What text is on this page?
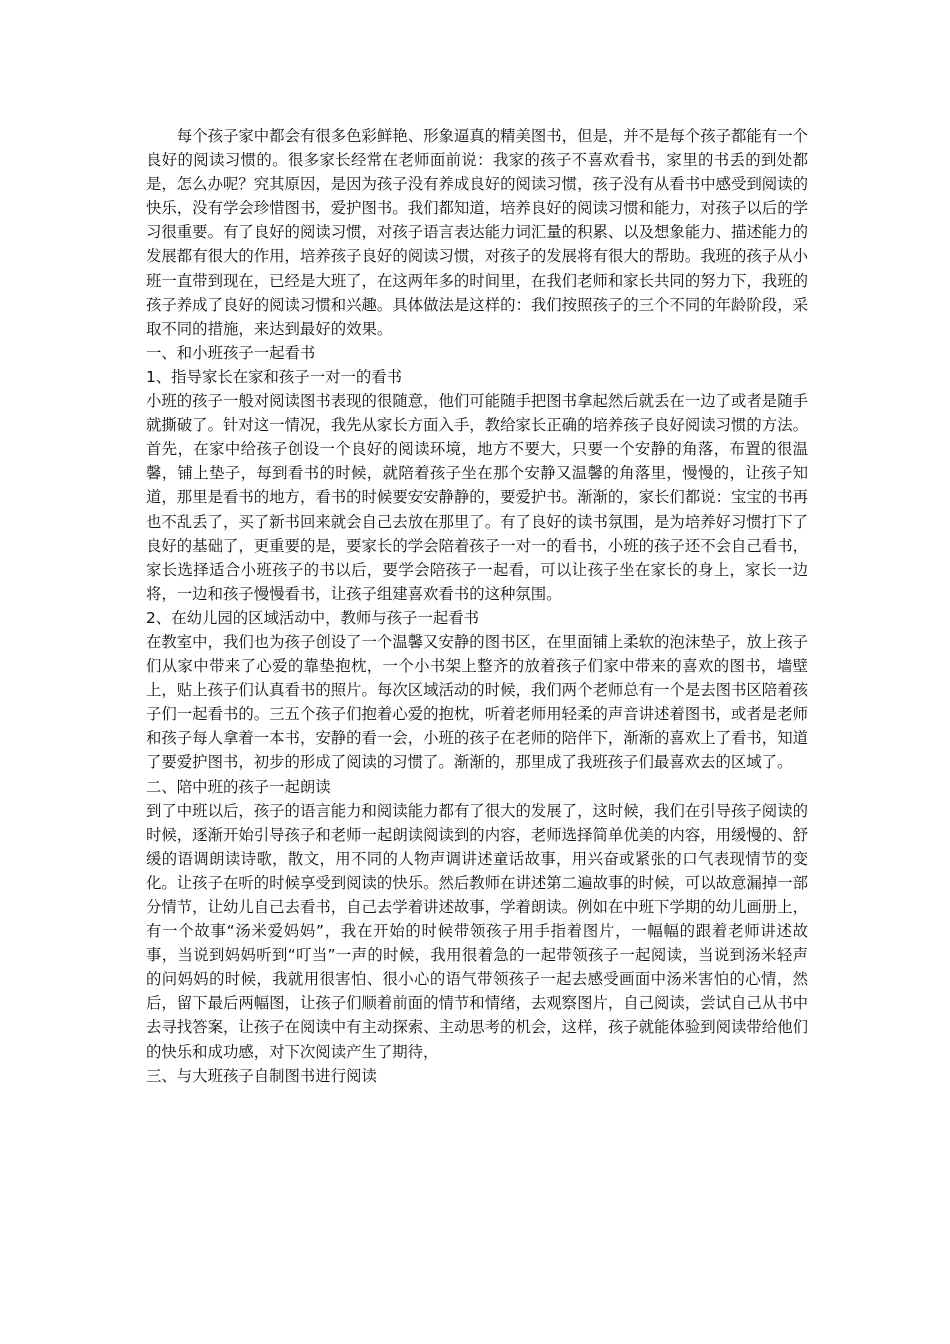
每个孩子家中都会有很多色彩鲜艳、形象逼真的精美图书，但是，并不是每个孩子都能有一个良好的阅读习惯的。很多家长经常在老师面前说：我家的孩子不喜欢看书，家里的书丢的到处都是，怎么办呢？究其原因，是因为孩子没有养成良好的阅读习惯，孩子没有从看书中感受到阅读的快乐，没有学会珍惜图书，爱护图书。我们都知道，培养良好的阅读习惯和能力，对孩子以后的学习很重要。有了良好的阅读习惯，对孩子语言表达能力词汇量的积累、以及想象能力、描述能力的发展都有很大的作用，培养孩子良好的阅读习惯，对孩子的发展将有很大的帮助。我班的孩子从小班一直带到现在，已经是大班了，在这两年多的时间里，在我们老师和家长共同的努力下，我班的孩子养成了良好的阅读习惯和兴趣。具体做法是这样的：我们按照孩子的三个不同的年龄阶段，采取不同的措施，来达到最好的效果。

一、和小班孩子一起看书

1、指导家长在家和孩子一对一的看书

小班的孩子一般对阅读图书表现的很随意，他们可能随手把图书拿起然后就丢在一边了或者是随手就撕破了。针对这一情况，我先从家长方面入手，教给家长正确的培养孩子良好阅读习惯的方法。首先，在家中给孩子创设一个良好的阅读环境，地方不要大，只要一个安静的角落，布置的很温馨，铺上垫子，每到看书的时候，就陪着孩子坐在那个安静又温馨的角落里，慢慢的，让孩子知道，那里是看书的地方，看书的时候要安安静静的，要爱护书。渐渐的，家长们都说：宝宝的书再也不乱丢了，买了新书回来就会自己去放在那里了。有了良好的读书氛围，是为培养好习惯打下了良好的基础了，更重要的是，要家长的学会陪着孩子一对一的看书，小班的孩子还不会自己看书，家长选择适合小班孩子的书以后，要学会陪孩子一起看，可以让孩子坐在家长的身上，家长一边将，一边和孩子慢慢看书，让孩子组建喜欢看书的这种氛围。

2、在幼儿园的区域活动中，教师与孩子一起看书

在教室中，我们也为孩子创设了一个温馨又安静的图书区，在里面铺上柔软的泡沫垫子，放上孩子们从家中带来了心爱的靠垫抱枕，一个小书架上整齐的放着孩子们家中带来的喜欢的图书，墙壁上，贴上孩子们认真看书的照片。每次区域活动的时候，我们两个老师总有一个是去图书区陪着孩子们一起看书的。三五个孩子们抱着心爱的抱枕，听着老师用轻柔的声音讲述着图书，或者是老师和孩子每人拿着一本书，安静的看一会，小班的孩子在老师的陪伴下，渐渐的喜欢上了看书，知道了要爱护图书，初步的形成了阅读的习惯了。渐渐的，那里成了我班孩子们最喜欢去的区域了。

二、陪中班的孩子一起朗读

到了中班以后，孩子的语言能力和阅读能力都有了很大的发展了，这时候，我们在引导孩子阅读的时候，逐渐开始引导孩子和老师一起朗读阅读到的内容，老师选择简单优美的内容，用缓慢的、舒缓的语调朗读诗歌，散文，用不同的人物声调讲述童话故事，用兴奋或紧张的口气表现情节的变化。让孩子在听的时候享受到阅读的快乐。然后教师在讲述第二遍故事的时候，可以故意漏掉一部分情节，让幼儿自己去看书，自己去学着讲述故事，学着朗读。例如在中班下学期的幼儿画册上，有一个故事“汤米爱妈妈”，我在开始的时候带领孩子用手指着图片，一幅幅的跟着老师讲述故事，当说到妈妈听到“叮当”一声的时候，我用很着急的一起带领孩子一起阅读，当说到汤米轻声的问妈妈的时候，我就用很害怕、很小心的语气带领孩子一起去感受画面中汤米害怕的心情，然后，留下最后两幅图，让孩子们顺着前面的情节和情绪，去观察图片，自己阅读，尝试自己从书中去寻找答案，让孩子在阅读中有主动探索、主动思考的机会，这样，孩子就能体验到阅读带给他们的快乐和成功感，对下次阅读产生了期待，

三、与大班孩子自制图书进行阅读
